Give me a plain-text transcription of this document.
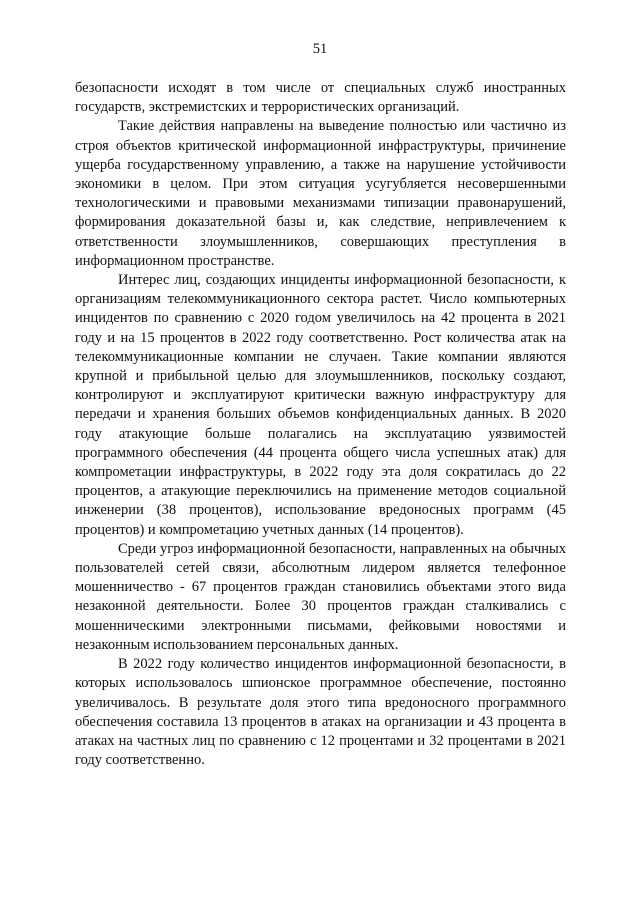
51

безопасности исходят в том числе от специальных служб иностранных государств, экстремистских и террористических организаций.

Такие действия направлены на выведение полностью или частично из строя объектов критической информационной инфраструктуры, причинение ущерба государственному управлению, а также на нарушение устойчивости экономики в целом. При этом ситуация усугубляется несовершенными технологическими и правовыми механизмами типизации правонарушений, формирования доказательной базы и, как следствие, непривлечением к ответственности злоумышленников, совершающих преступления в информационном пространстве.

Интерес лиц, создающих инциденты информационной безопасности, к организациям телекоммуникационного сектора растет. Число компьютерных инцидентов по сравнению с 2020 годом увеличилось на 42 процента в 2021 году и на 15 процентов в 2022 году соответственно. Рост количества атак на телекоммуникационные компании не случаен. Такие компании являются крупной и прибыльной целью для злоумышленников, поскольку создают, контролируют и эксплуатируют критически важную инфраструктуру для передачи и хранения больших объемов конфиденциальных данных. В 2020 году атакующие больше полагались на эксплуатацию уязвимостей программного обеспечения (44 процента общего числа успешных атак) для компрометации инфраструктуры, в 2022 году эта доля сократилась до 22 процентов, а атакующие переключились на применение методов социальной инженерии (38 процентов), использование вредоносных программ (45 процентов) и компрометацию учетных данных (14 процентов).

Среди угроз информационной безопасности, направленных на обычных пользователей сетей связи, абсолютным лидером является телефонное мошенничество - 67 процентов граждан становились объектами этого вида незаконной деятельности. Более 30 процентов граждан сталкивались с мошенническими электронными письмами, фейковыми новостями и незаконным использованием персональных данных.

В 2022 году количество инцидентов информационной безопасности, в которых использовалось шпионское программное обеспечение, постоянно увеличивалось. В результате доля этого типа вредоносного программного обеспечения составила 13 процентов в атаках на организации и 43 процента в атаках на частных лиц по сравнению с 12 процентами и 32 процентами в 2021 году соответственно.
